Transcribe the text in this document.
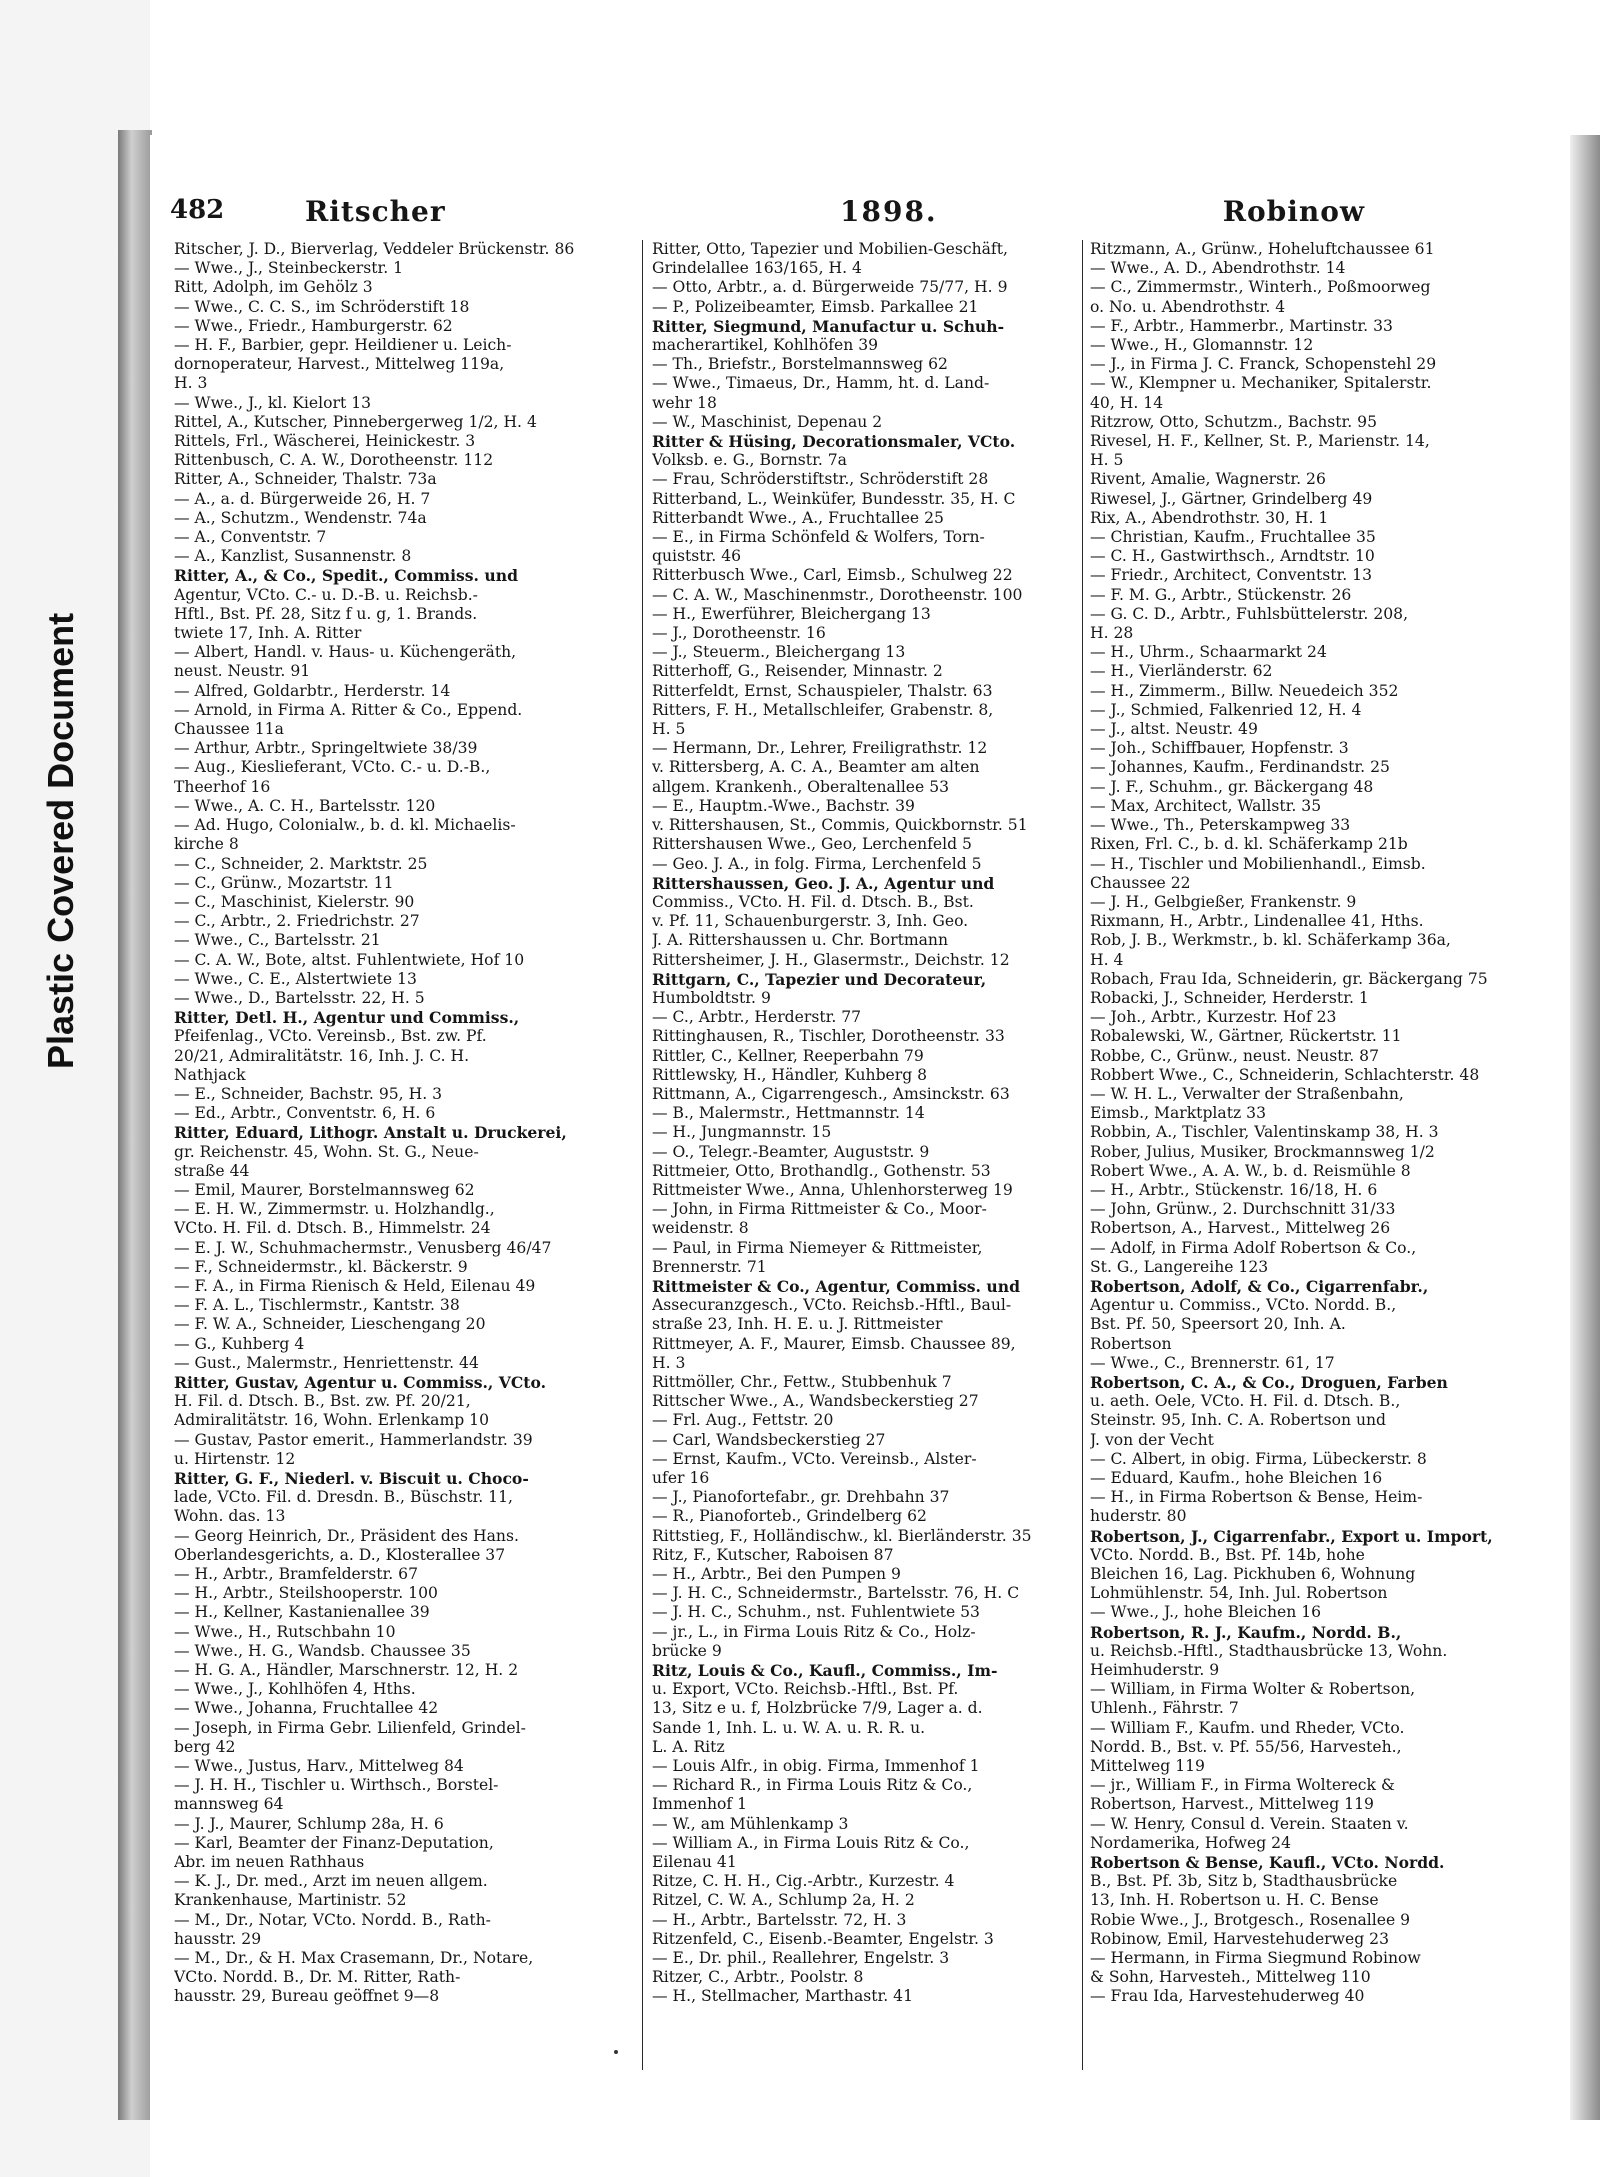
Plastic Covered Document
482	Ritscher	1898.	Robinow
Ritscher, J. D., Bierverlag, Veddeler Brückenstr. 86
— Wwe., J., Steinbeckerstr. 1
Ritt, Adolph, im Gehölz 3
— Wwe., C. C. S., im Schröderstift 18
— Wwe., Friedr., Hamburgerstr. 62
— H. F., Barbier, gepr. Heildiener u. Leich-
dornoperateur, Harvest., Mittelweg 119a,
H. 3
— Wwe., J., kl. Kielort 13
Rittel, A., Kutscher, Pinnebergerweg 1/2, H. 4
Rittels, Frl., Wäscherei, Heinickestr. 3
Rittenbusch, C. A. W., Dorotheenstr. 112
Ritter, A., Schneider, Thalstr. 73a
— A., a. d. Bürgerweide 26, H. 7
— A., Schutzm., Wendenstr. 74a
— A., Conventstr. 7
— A., Kanzlist, Susannenstr. 8
Ritter, A., & Co., Spedit., Commiss. und
Agentur, VCto. C.- u. D.-B. u. Reichsb.-
Hftl., Bst. Pf. 28, Sitz f u. g, 1. Brands.
twiete 17, Inh. A. Ritter
— Albert, Handl. v. Haus- u. Küchengeräth,
neust. Neustr. 91
— Alfred, Goldarbtr., Herderstr. 14
— Arnold, in Firma A. Ritter & Co., Eppend.
Chaussee 11a
— Arthur, Arbtr., Springeltwiete 38/39
— Aug., Kieslieferant, VCto. C.- u. D.-B.,
Theerhof 16
— Wwe., A. C. H., Bartelsstr. 120
— Ad. Hugo, Colonialw., b. d. kl. Michaelis-
kirche 8
— C., Schneider, 2. Marktstr. 25
— C., Grünw., Mozartstr. 11
— C., Maschinist, Kielerstr. 90
— C., Arbtr., 2. Friedrichstr. 27
— Wwe., C., Bartelsstr. 21
— C. A. W., Bote, altst. Fuhlentwiete, Hof 10
— Wwe., C. E., Alstertwiete 13
— Wwe., D., Bartelsstr. 22, H. 5
Ritter, Detl. H., Agentur und Commiss.,
Pfeifenlag., VCto. Vereinsb., Bst. zw. Pf.
20/21, Admiralitätstr. 16, Inh. J. C. H.
Nathjack
— E., Schneider, Bachstr. 95, H. 3
— Ed., Arbtr., Conventstr. 6, H. 6
Ritter, Eduard, Lithogr. Anstalt u. Druckerei,
gr. Reichenstr. 45, Wohn. St. G., Neue-
straße 44
— Emil, Maurer, Borstelmannsweg 62
— E. H. W., Zimmermstr. u. Holzhandlg.,
VCto. H. Fil. d. Dtsch. B., Himmelstr. 24
— E. J. W., Schuhmachermstr., Venusberg 46/47
— F., Schneidermstr., kl. Bäckerstr. 9
— F. A., in Firma Rienisch & Held, Eilenau 49
— F. A. L., Tischlermstr., Kantstr. 38
— F. W. A., Schneider, Lieschengang 20
— G., Kuhberg 4
— Gust., Malermstr., Henriettenstr. 44
Ritter, Gustav, Agentur u. Commiss., VCto.
H. Fil. d. Dtsch. B., Bst. zw. Pf. 20/21,
Admiralitätstr. 16, Wohn. Erlenkamp 10
— Gustav, Pastor emerit., Hammerlandstr. 39
u. Hirtenstr. 12
Ritter, G. F., Niederl. v. Biscuit u. Choco-
lade, VCto. Fil. d. Dresdn. B., Büschstr. 11,
Wohn. das. 13
— Georg Heinrich, Dr., Präsident des Hans.
Oberlandesgerichts, a. D., Klosterallee 37
— H., Arbtr., Bramfelderstr. 67
— H., Arbtr., Steilshooperstr. 100
— H., Kellner, Kastanienallee 39
— Wwe., H., Rutschbahn 10
— Wwe., H. G., Wandsb. Chaussee 35
— H. G. A., Händler, Marschnerstr. 12, H. 2
— Wwe., J., Kohlhöfen 4, Hths.
— Wwe., Johanna, Fruchtallee 42
— Joseph, in Firma Gebr. Lilienfeld, Grindel-
berg 42
— Wwe., Justus, Harv., Mittelweg 84
— J. H. H., Tischler u. Wirthsch., Borstel-
mannsweg 64
— J. J., Maurer, Schlump 28a, H. 6
— Karl, Beamter der Finanz-Deputation,
Abr. im neuen Rathhaus
— K. J., Dr. med., Arzt im neuen allgem.
Krankenhause, Martinistr. 52
— M., Dr., Notar, VCto. Nordd. B., Rath-
hausstr. 29
— M., Dr., & H. Max Crasemann, Dr., Notare,
VCto. Nordd. B., Dr. M. Ritter, Rath-
hausstr. 29, Bureau geöffnet 9—8
Ritter, Otto, Tapezier und Mobilien-Geschäft,
Grindelallee 163/165, H. 4
— Otto, Arbtr., a. d. Bürgerweide 75/77, H. 9
— P., Polizeibeamter, Eimsb. Parkallee 21
Ritter, Siegmund, Manufactur u. Schuh-
macherartikel, Kohlhöfen 39
— Th., Briefstr., Borstelmannsweg 62
— Wwe., Timaeus, Dr., Hamm, ht. d. Land-
wehr 18
— W., Maschinist, Depenau 2
Ritter & Hüsing, Decorationsmaler, VCto.
Volksb. e. G., Bornstr. 7a
— Frau, Schröderstiftstr., Schröderstift 28
Ritterband, L., Weinküfer, Bundesstr. 35, H. C
Ritterbandt Wwe., A., Fruchtallee 25
— E., in Firma Schönfeld & Wolfers, Torn-
quiststr. 46
Ritterbusch Wwe., Carl, Eimsb., Schulweg 22
— C. A. W., Maschinenmstr., Dorotheenstr. 100
— H., Ewerführer, Bleichergang 13
— J., Dorotheenstr. 16
— J., Steuerm., Bleichergang 13
Ritterhoff, G., Reisender, Minnastr. 2
Ritterfeldt, Ernst, Schauspieler, Thalstr. 63
Ritters, F. H., Metallschleifer, Grabenstr. 8,
H. 5
— Hermann, Dr., Lehrer, Freiligrathstr. 12
v. Rittersberg, A. C. A., Beamter am alten
allgem. Krankenh., Oberaltenallee 53
— E., Hauptm.-Wwe., Bachstr. 39
v. Rittershausen, St., Commis, Quickbornstr. 51
Rittershausen Wwe., Geo, Lerchenfeld 5
— Geo. J. A., in folg. Firma, Lerchenfeld 5
Rittershaussen, Geo. J. A., Agentur und
Commiss., VCto. H. Fil. d. Dtsch. B., Bst.
v. Pf. 11, Schauenburgerstr. 3, Inh. Geo.
J. A. Rittershaussen u. Chr. Bortmann
Rittersheimer, J. H., Glasermstr., Deichstr. 12
Rittgarn, C., Tapezier und Decorateur,
Humboldtstr. 9
— C., Arbtr., Herderstr. 77
Rittinghausen, R., Tischler, Dorotheenstr. 33
Rittler, C., Kellner, Reeperbahn 79
Rittlewsky, H., Händler, Kuhberg 8
Rittmann, A., Cigarrengesch., Amsinckstr. 63
— B., Malermstr., Hettmannstr. 14
— H., Jungmannstr. 15
— O., Telegr.-Beamter, Auguststr. 9
Rittmeier, Otto, Brothandlg., Gothenstr. 53
Rittmeister Wwe., Anna, Uhlenhorsterweg 19
— John, in Firma Rittmeister & Co., Moor-
weidenstr. 8
— Paul, in Firma Niemeyer & Rittmeister,
Brennerstr. 71
Rittmeister & Co., Agentur, Commiss. und
Assecuranzgesch., VCto. Reichsb.-Hftl., Baul-
straße 23, Inh. H. E. u. J. Rittmeister
Rittmeyer, A. F., Maurer, Eimsb. Chaussee 89,
H. 3
Rittmöller, Chr., Fettw., Stubbenhuk 7
Rittscher Wwe., A., Wandsbeckerstieg 27
— Frl. Aug., Fettstr. 20
— Carl, Wandsbeckerstieg 27
— Ernst, Kaufm., VCto. Vereinsb., Alster-
ufer 16
— J., Pianofortefabr., gr. Drehbahn 37
— R., Pianoforteb., Grindelberg 62
Rittstieg, F., Holländischw., kl. Bierländerstr. 35
Ritz, F., Kutscher, Raboisen 87
— H., Arbtr., Bei den Pumpen 9
— J. H. C., Schneidermstr., Bartelsstr. 76, H. C
— J. H. C., Schuhm., nst. Fuhlentwiete 53
— jr., L., in Firma Louis Ritz & Co., Holz-
brücke 9
Ritz, Louis & Co., Kaufl., Commiss., Im-
u. Export, VCto. Reichsb.-Hftl., Bst. Pf.
13, Sitz e u. f, Holzbrücke 7/9, Lager a. d.
Sande 1, Inh. L. u. W. A. u. R. R. u.
L. A. Ritz
— Louis Alfr., in obig. Firma, Immenhof 1
— Richard R., in Firma Louis Ritz & Co.,
Immenhof 1
— W., am Mühlenkamp 3
— William A., in Firma Louis Ritz & Co.,
Eilenau 41
Ritze, C. H. H., Cig.-Arbtr., Kurzestr. 4
Ritzel, C. W. A., Schlump 2a, H. 2
— H., Arbtr., Bartelsstr. 72, H. 3
Ritzenfeld, C., Eisenb.-Beamter, Engelstr. 3
— E., Dr. phil., Reallehrer, Engelstr. 3
Ritzer, C., Arbtr., Poolstr. 8
— H., Stellmacher, Marthastr. 41
Ritzmann, A., Grünw., Hoheluftchaussee 61
— Wwe., A. D., Abendrothstr. 14
— C., Zimmermstr., Winterh., Poßmoorweg
o. No. u. Abendrothstr. 4
— F., Arbtr., Hammerbr., Martinstr. 33
— Wwe., H., Glomannstr. 12
— J., in Firma J. C. Franck, Schopenstehl 29
— W., Klempner u. Mechaniker, Spitalerstr.
40, H. 14
Ritzrow, Otto, Schutzm., Bachstr. 95
Rivesel, H. F., Kellner, St. P., Marienstr. 14,
H. 5
Rivent, Amalie, Wagnerstr. 26
Riwesel, J., Gärtner, Grindelberg 49
Rix, A., Abendrothstr. 30, H. 1
— Christian, Kaufm., Fruchtallee 35
— C. H., Gastwirthsch., Arndtstr. 10
— Friedr., Architect, Conventstr. 13
— F. M. G., Arbtr., Stückenstr. 26
— G. C. D., Arbtr., Fuhlsbüttelerstr. 208,
H. 28
— H., Uhrm., Schaarmarkt 24
— H., Vierländerstr. 62
— H., Zimmerm., Billw. Neuedeich 352
— J., Schmied, Falkenried 12, H. 4
— J., altst. Neustr. 49
— Joh., Schiffbauer, Hopfenstr. 3
— Johannes, Kaufm., Ferdinandstr. 25
— J. F., Schuhm., gr. Bäckergang 48
— Max, Architect, Wallstr. 35
— Wwe., Th., Peterskampweg 33
Rixen, Frl. C., b. d. kl. Schäferkamp 21b
— H., Tischler und Mobilienhandl., Eimsb.
Chaussee 22
— J. H., Gelbgießer, Frankenstr. 9
Rixmann, H., Arbtr., Lindenallee 41, Hths.
Rob, J. B., Werkmstr., b. kl. Schäferkamp 36a,
H. 4
Robach, Frau Ida, Schneiderin, gr. Bäckergang 75
Robacki, J., Schneider, Herderstr. 1
— Joh., Arbtr., Kurzestr. Hof 23
Robalewski, W., Gärtner, Rückertstr. 11
Robbe, C., Grünw., neust. Neustr. 87
Robbert Wwe., C., Schneiderin, Schlachterstr. 48
— W. H. L., Verwalter der Straßenbahn,
Eimsb., Marktplatz 33
Robbin, A., Tischler, Valentinskamp 38, H. 3
Rober, Julius, Musiker, Brockmannsweg 1/2
Robert Wwe., A. A. W., b. d. Reismühle 8
— H., Arbtr., Stückenstr. 16/18, H. 6
— John, Grünw., 2. Durchschnitt 31/33
Robertson, A., Harvest., Mittelweg 26
— Adolf, in Firma Adolf Robertson & Co.,
St. G., Langereihe 123
Robertson, Adolf, & Co., Cigarrenfabr.,
Agentur u. Commiss., VCto. Nordd. B.,
Bst. Pf. 50, Speersort 20, Inh. A.
Robertson
— Wwe., C., Brennerstr. 61, 17
Robertson, C. A., & Co., Droguen, Farben
u. aeth. Oele, VCto. H. Fil. d. Dtsch. B.,
Steinstr. 95, Inh. C. A. Robertson und
J. von der Vecht
— C. Albert, in obig. Firma, Lübeckerstr. 8
— Eduard, Kaufm., hohe Bleichen 16
— H., in Firma Robertson & Bense, Heim-
huderstr. 80
Robertson, J., Cigarrenfabr., Export u. Import,
VCto. Nordd. B., Bst. Pf. 14b, hohe
Bleichen 16, Lag. Pickhuben 6, Wohnung
Lohmühlenstr. 54, Inh. Jul. Robertson
— Wwe., J., hohe Bleichen 16
Robertson, R. J., Kaufm., Nordd. B.,
u. Reichsb.-Hftl., Stadthausbrücke 13, Wohn.
Heimhuderstr. 9
— William, in Firma Wolter & Robertson,
Uhlenh., Fährstr. 7
— William F., Kaufm. und Rheder, VCto.
Nordd. B., Bst. v. Pf. 55/56, Harvesteh.,
Mittelweg 119
— jr., William F., in Firma Woltereck &
Robertson, Harvest., Mittelweg 119
— W. Henry, Consul d. Verein. Staaten v.
Nordamerika, Hofweg 24
Robertson & Bense, Kaufl., VCto. Nordd.
B., Bst. Pf. 3b, Sitz b, Stadthausbrücke
13, Inh. H. Robertson u. H. C. Bense
Robie Wwe., J., Brotgesch., Rosenallee 9
Robinow, Emil, Harvestehuderweg 23
— Hermann, in Firma Siegmund Robinow
& Sohn, Harvesteh., Mittelweg 110
— Frau Ida, Harvestehuderweg 40
